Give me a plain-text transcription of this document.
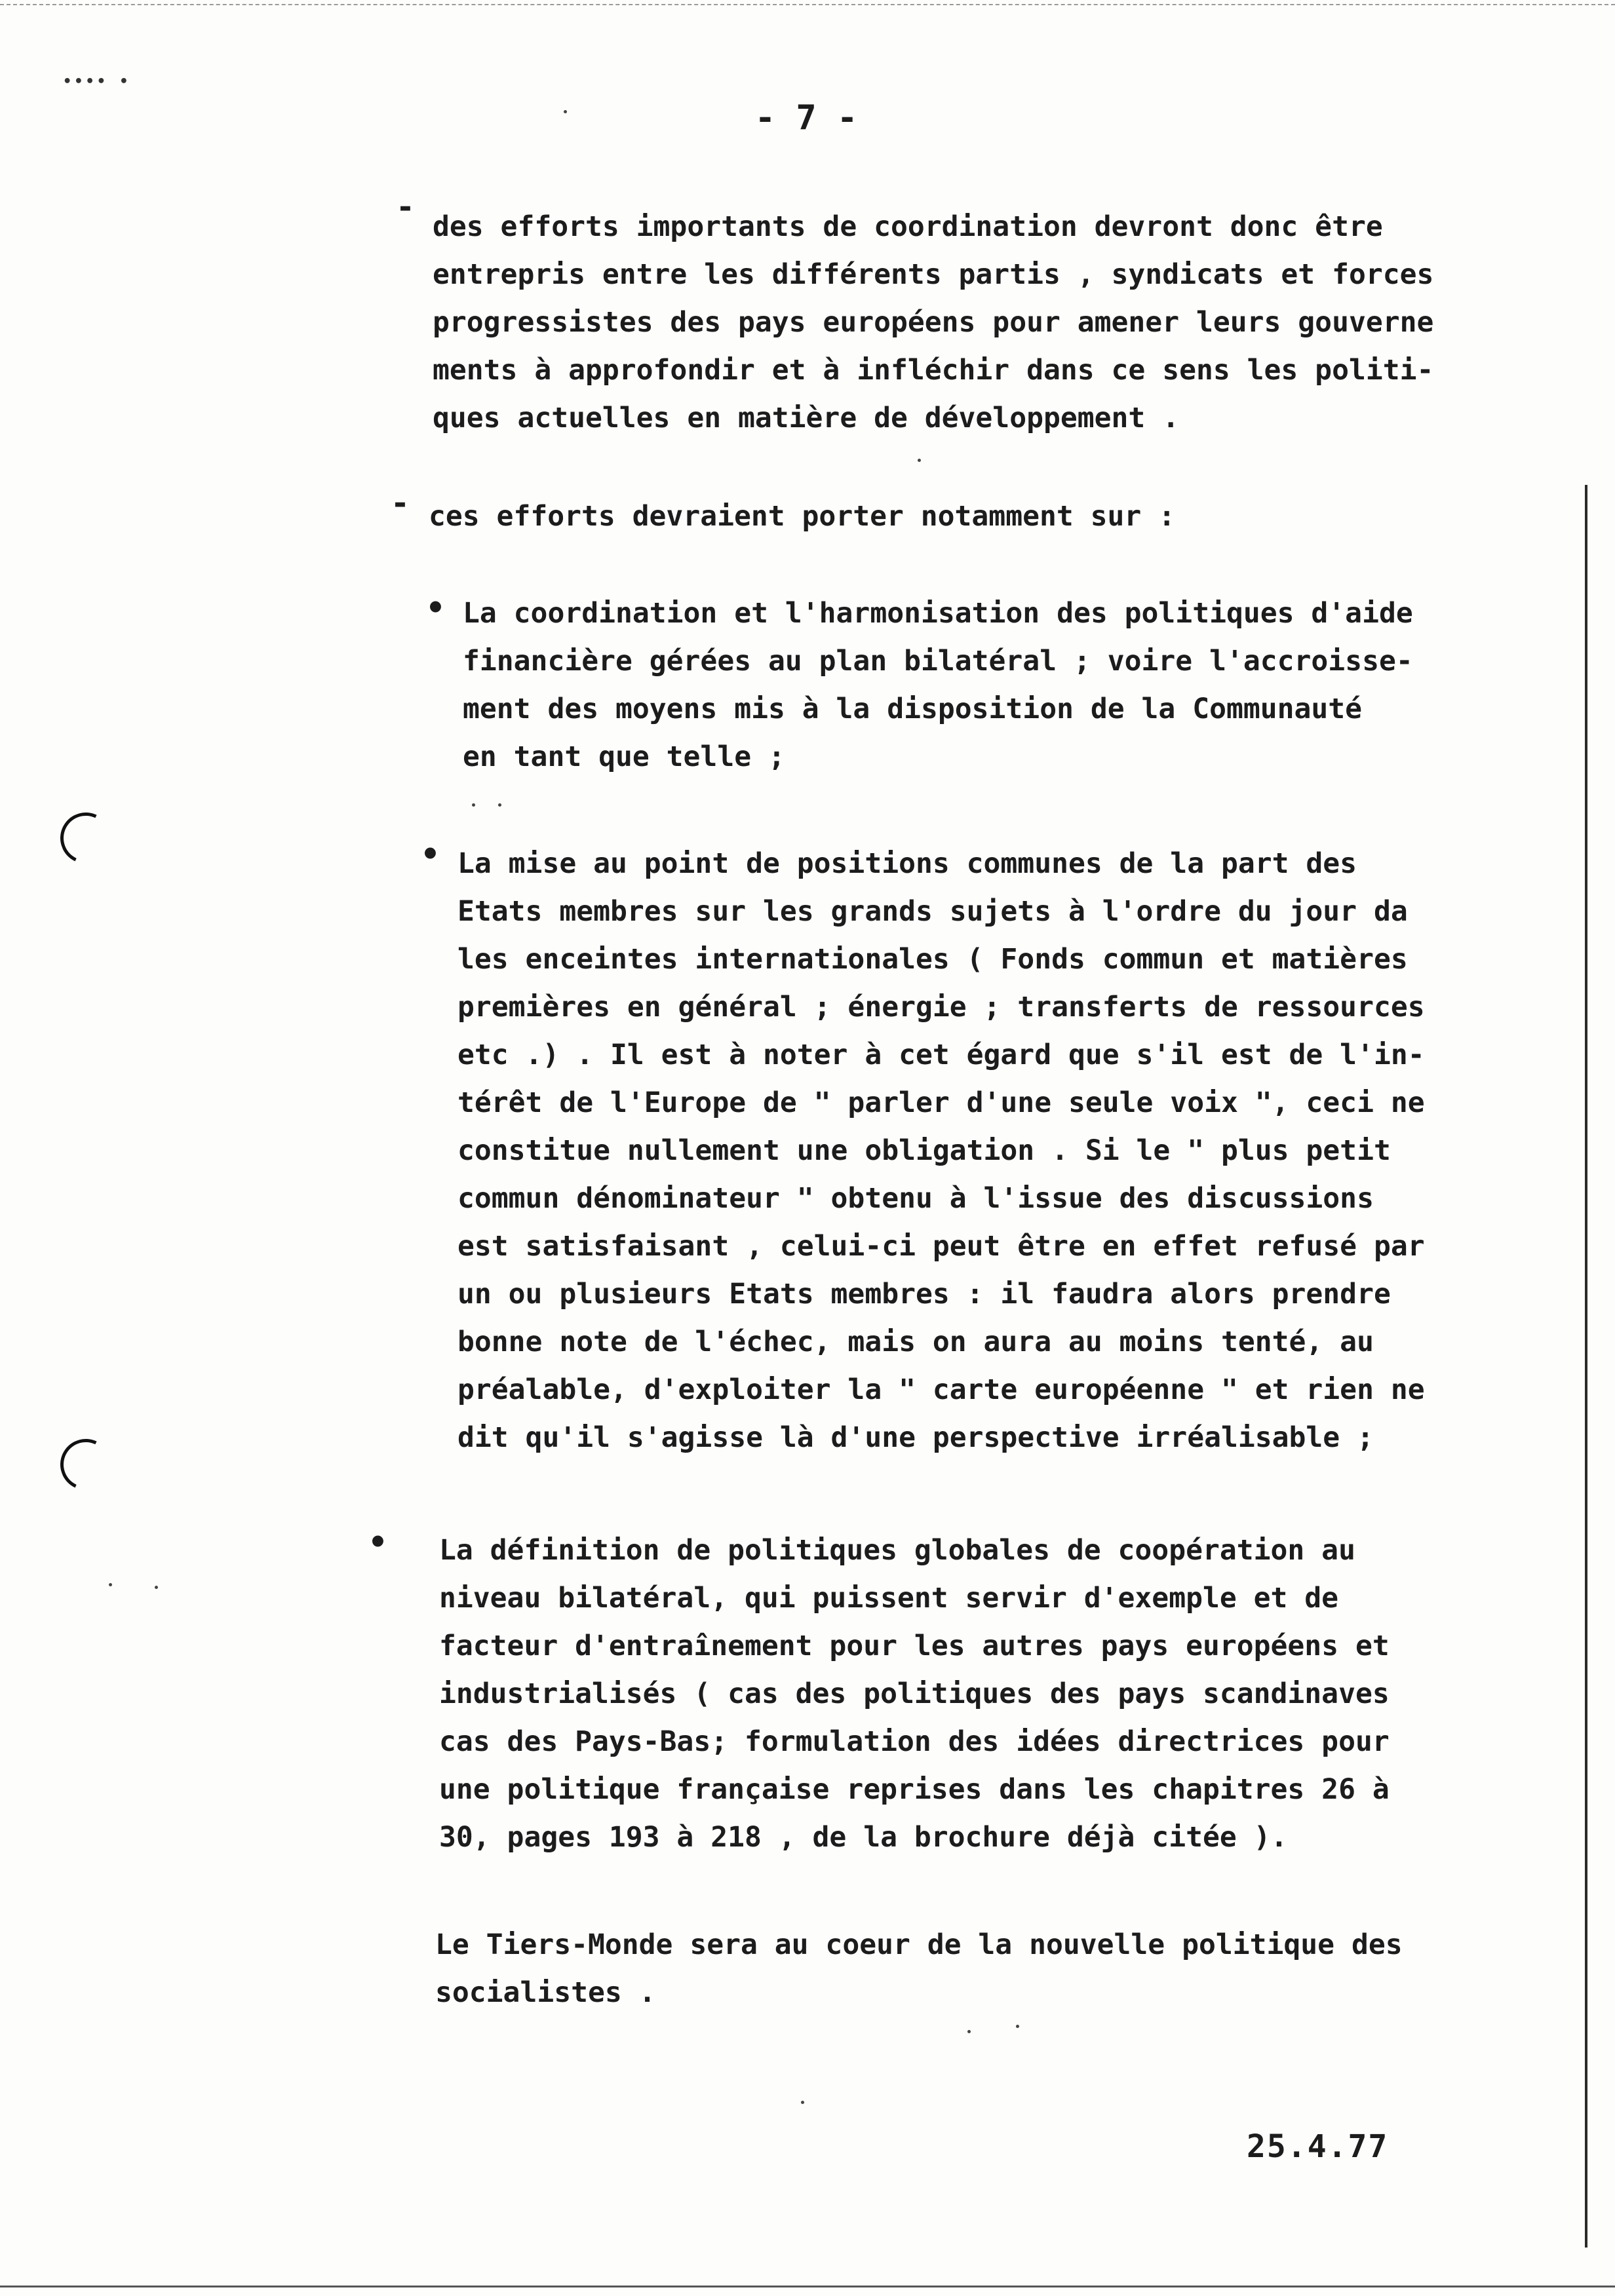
•••• •
- 7 -
-
des efforts importants de coordination devront donc être
entrepris entre les différents partis , syndicats et forces
progressistes des pays européens pour amener leurs gouverne
ments à approfondir et à infléchir dans ce sens les politi-
ques actuelles en matière de développement .
- ces efforts devraient porter notamment sur :
• La coordination et l'harmonisation des politiques d'aide
financière gérées au plan bilatéral ; voire l'accroisse-
ment des moyens mis à la disposition de la Communauté
en tant que telle ;
• La mise au point de positions communes de la part des
Etats membres sur les grands sujets à l'ordre du jour da
les enceintes internationales ( Fonds commun et matières
premières en général ; énergie ; transferts de ressources
etc .) . Il est à noter à cet égard que s'il est de l'in-
térêt de l'Europe de " parler d'une seule voix ", ceci ne
constitue nullement une obligation . Si le " plus petit
commun dénominateur " obtenu à l'issue des discussions
est satisfaisant , celui-ci peut être en effet refusé par
un ou plusieurs Etats membres : il faudra alors prendre
bonne note de l'échec, mais on aura au moins tenté, au
préalable, d'exploiter la " carte européenne " et rien ne
dit qu'il s'agisse là d'une perspective irréalisable ;
• La définition de politiques globales de coopération au
niveau bilatéral, qui puissent servir d'exemple et de
facteur d'entraînement pour les autres pays européens et
industrialisés ( cas des politiques des pays scandinaves
cas des Pays-Bas; formulation des idées directrices pour
une politique française reprises dans les chapitres 26 à
30, pages 193 à 218 , de la brochure déjà citée ).
Le Tiers-Monde sera au coeur de la nouvelle politique des
socialistes .
25.4.77
